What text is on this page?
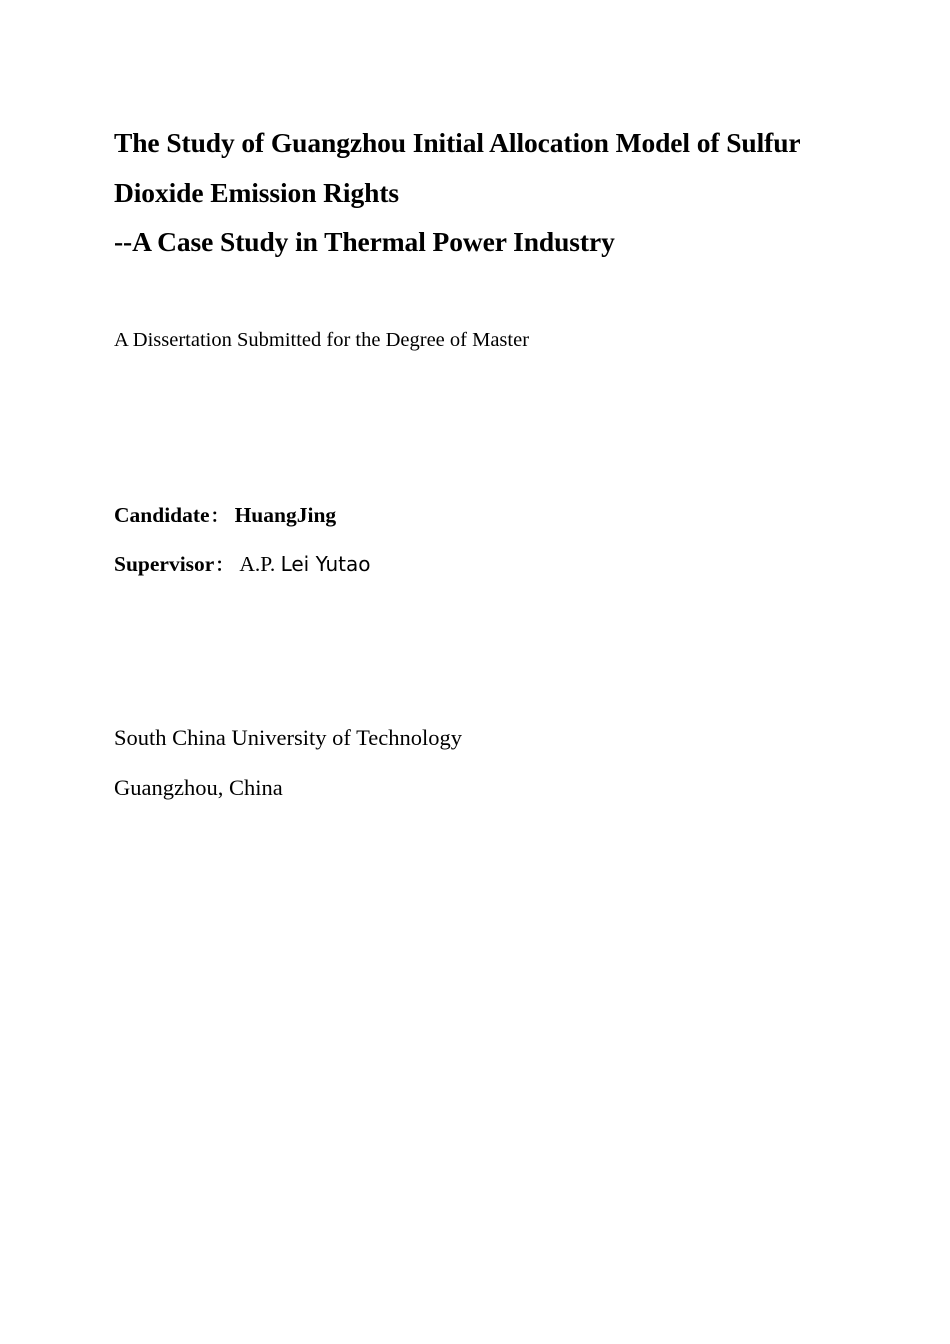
The Study of Guangzhou Initial Allocation Model of Sulfur
Dioxide Emission Rights
--A Case Study in Thermal Power Industry
A Dissertation Submitted for the Degree of Master
Candidate： HuangJing
Supervisor： A.P. Lei Yutao
South China University of Technology
Guangzhou, China
